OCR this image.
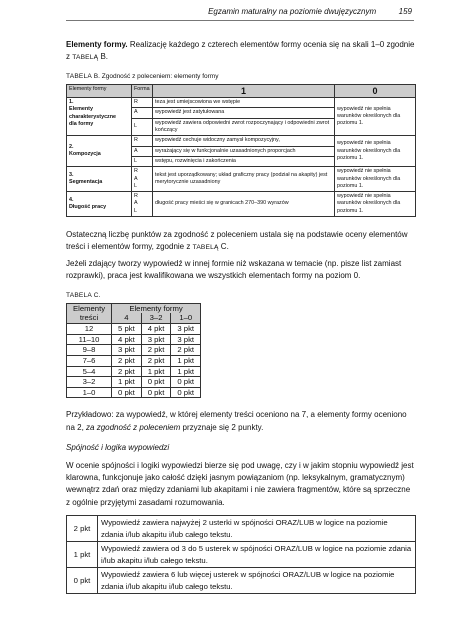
Egzamin maturalny na poziomie dwujęzycznym	159

Elementy formy. Realizację każdego z czterech elementów formy ocenia się na skali 1–0 zgodnie z TABELĄ B.

TABELA B. Zgodność z poleceniem: elementy formy
Elementy formy	Forma	1	0

1.
Elementy
charakterystyczne
dla formy	R	teza jest umiejscowiona we wstępie	wypowiedź nie spełnia warunków określonych dla poziomu 1.
	A	wypowiedź jest zatytułowana	
	L	wypowiedź zawiera odpowiedni zwrot rozpoczynający i odpowiedni zwrot kończący	

2.
Kompozycja	R	wypowiedź cechuje widoczny zamysł kompozycyjny,	wypowiedź nie spełnia warunków określonych dla poziomu 1.
	A	wyrażający się w funkcjonalnie uzasadnionych proporcjach	
	L	wstępu, rozwinięcia i zakończenia	

3.
Segmentacja	R
A
L	tekst jest uporządkowany; układ graficzny pracy (podział na akapity) jest merytorycznie uzasadniony	wypowiedź nie spełnia warunków określonych dla poziomu 1.

4.
Długość pracy	R
A
L	długość pracy mieści się w granicach 270–390 wyrazów	wypowiedź nie spełnia warunków określonych dla poziomu 1.

Ostateczną liczbę punktów za zgodność z poleceniem ustala się na podstawie oceny elementów treści i elementów formy, zgodnie z TABELĄ C.

Jeżeli zdający tworzy wypowiedź w innej formie niż wskazana w temacie (np. pisze list zamiast rozprawki), praca jest kwalifikowana we wszystkich elementach formy na poziom 0.

TABELA C.
Elementy	Elementy formy		
treści	4	3–2	1–0
12	5 pkt	4 pkt	3 pkt
11–10	4 pkt	3 pkt	3 pkt
9–8	3 pkt	2 pkt	2 pkt
7–6	2 pkt	2 pkt	1 pkt
5–4	2 pkt	1 pkt	1 pkt
3–2	1 pkt	0 pkt	0 pkt
1–0	0 pkt	0 pkt	0 pkt

Przykładowo: za wypowiedź, w której elementy treści oceniono na 7, a elementy formy oceniono na 2, za zgodność z poleceniem przyznaje się 2 punkty.

Spójność i logika wypowiedzi

W ocenie spójności i logiki wypowiedzi bierze się pod uwagę, czy i w jakim stopniu wypowiedź jest klarowna, funkcjonuje jako całość dzięki jasnym powiązaniom (np. leksykalnym, gramatycznym) wewnątrz zdań oraz między zdaniami lub akapitami i nie zawiera fragmentów, które są sprzeczne z ogólnie przyjętymi zasadami rozumowania.

2 pkt	Wypowiedź zawiera najwyżej 2 usterki w spójności ORAZ/LUB w logice na poziomie zdania i/lub akapitu i/lub całego tekstu.
1 pkt	Wypowiedź zawiera od 3 do 5 usterek w spójności ORAZ/LUB w logice na poziomie zdania i/lub akapitu i/lub całego tekstu.
0 pkt	Wypowiedź zawiera 6 lub więcej usterek w spójności ORAZ/LUB w logice na poziomie zdania i/lub akapitu i/lub całego tekstu.
